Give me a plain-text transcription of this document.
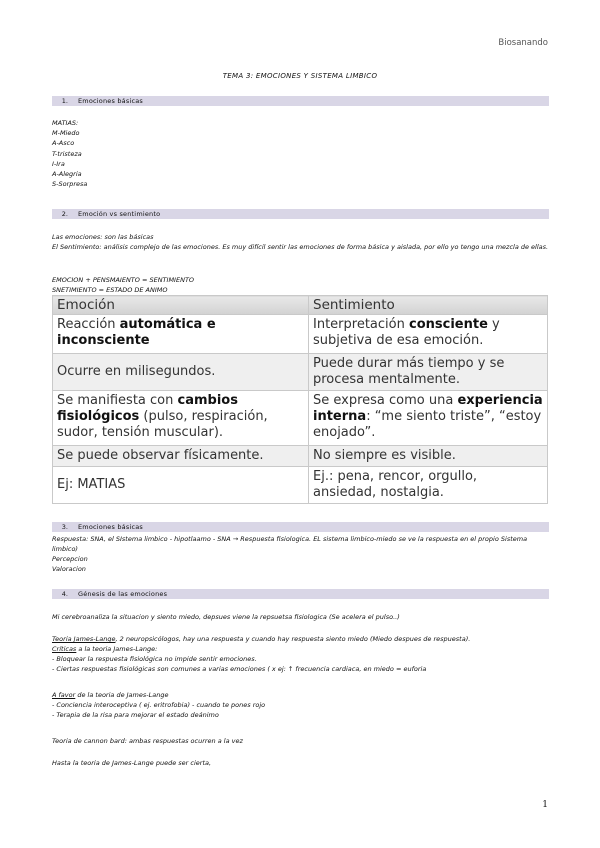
Biosanando
TEMA 3: EMOCIONES Y SISTEMA LIMBICO
1. Emociones básicas
MATIAS:
M-Miedo
A-Asco
T-tristeza
I-Ira
A-Alegria
S-Sorpresa
2. Emoción vs sentimiento
Las emociones: son las básicas
El Sentimiento: análisis complejo de las emociones. Es muy difícil sentir las emociones de forma básica y aislada, por ello yo tengo una mezcla de ellas.
EMOCION + PENSMAIENTO = SENTIMIENTO
SNETIMIENTO = ESTADO DE ANIMO
Emoción	Sentimiento
Reacción automática e inconsciente	Interpretación consciente y subjetiva de esa emoción.
Ocurre en milisegundos.	Puede durar más tiempo y se procesa mentalmente.
Se manifiesta con cambios fisiológicos (pulso, respiración, sudor, tensión muscular).	Se expresa como una experiencia interna: “me siento triste”, “estoy enojado”.
Se puede observar físicamente.	No siempre es visible.
Ej: MATIAS	Ej.: pena, rencor, orgullo, ansiedad, nostalgia.
3. Emociones básicas
Respuesta: SNA, el SIstema limbico - hipotlaamo - SNA → Respuesta fisiologica. EL sistema limbico-miedo se ve la respuesta en el propio Sistema limbico)
Percepcion
Valoracion
4. Génesis de las emociones
Mi cerebroanaliza la situacion y siento miedo, depsues viene la repsuetsa fisiologica (Se acelera el pulso..)
Teoria James-Lange, 2 neuropsicólogos, hay una respuesta y cuando hay respuesta siento miedo (Miedo despues de respuesta).
Críticas a la teoria James-Lange:
- Bloquear la respuesta fisiológica no impide sentir emociones.
- Ciertas respuestas fisiológicas son comunes a varias emociones ( x ej: ↑ frecuencia cardiaca, en miedo = euforia
A favor de la teoria de James-Lange
- Conciencia interoceptiva ( ej. eritrofobia) - cuando te pones rojo
- Terapia de la risa para mejorar el estado deánimo
Teoria de cannon bard: ambas respuestas ocurren a la vez
Hasta la teoria de James-Lange puede ser cierta,
1
